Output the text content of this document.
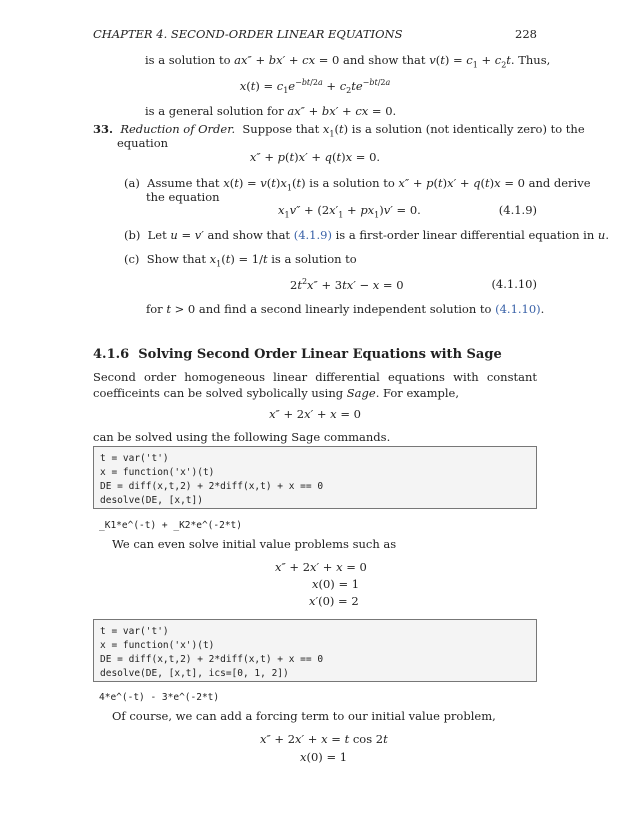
CHAPTER 4. SECOND-ORDER LINEAR EQUATIONS	228
is a solution to ax″ + bx′ + cx = 0 and show that $v(t) = c_1 + c_2t$. Thus,
$x(t) = c_1e^{-bt/2a} + c_2te^{-bt/2a}$
is a general solution for ax″ + bx′ + cx = 0.
33. Reduction of Order. Suppose that $x_1(t)$ is a solution (not identically zero) to the
equation
x″ + p(t)x′ + q(t)x = 0.
(a) Assume that $x(t) = v(t)x_1(t)$ is a solution to x″ + p(t)x′ + q(t)x = 0 and derive
the equation
$x_1v'' + (2x'_1 + px_1)v' = 0$.	(4.1.9)
(b) Let u = v′ and show that (4.1.9) is a first-order linear differential equation in u.
(c) Show that $x_1(t) = 1/t$ is a solution to
$2t^2x'' + 3tx' - x = 0$	(4.1.10)
for t > 0 and find a second linearly independent solution to (4.1.10).
4.1.6 Solving Second Order Linear Equations with Sage
Second order homogeneous linear differential equations with constant coefficeints can be solved sybolically using Sage. For example,
x″ + 2x′ + x = 0
can be solved using the following Sage commands.
t = var('t')
x = function('x')(t)
DE = diff(x,t,2) + 2*diff(x,t) + x == 0
desolve(DE, [x,t])
_K1*e^(-t) + _K2*e^(-2*t)
We can even solve initial value problems such as
x″ + 2x′ + x = 0
x(0) = 1
x′(0) = 2
t = var('t')
x = function('x')(t)
DE = diff(x,t,2) + 2*diff(x,t) + x == 0
desolve(DE, [x,t], ics=[0, 1, 2])
4*e^(-t) - 3*e^(-2*t)
Of course, we can add a forcing term to our initial value problem,
x″ + 2x′ + x = t cos 2t
x(0) = 1
